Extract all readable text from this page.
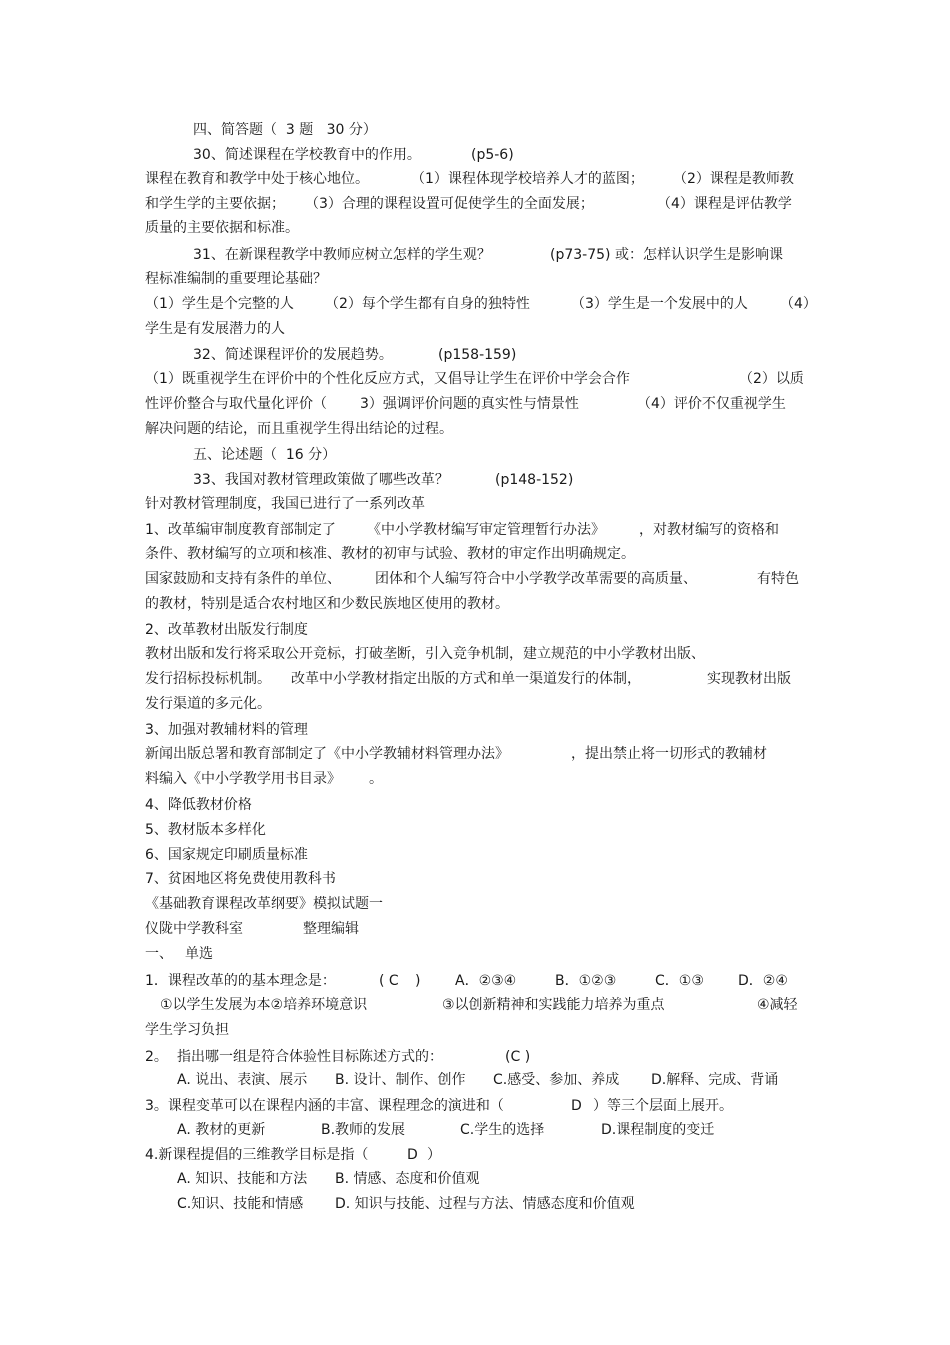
四、简答题（  3 题   30 分）

30、简述课程在学校教育中的作用。

	(p5-6)

课程在教育和教学中处于核心地位。

	（1）课程体现学校培养人才的蓝图；

（2）课程是教师教

和学生学的主要依据；

（3）合理的课程设置可促使学生的全面发展；

	（4）课程是评估教学

质量的主要依据和标准。

31、在新课程教学中教师应树立怎样的学生观？

	(p73-75) 或：怎样认识学生是影响课

程标准编制的重要理论基础？

（1）学生是个完整的人

（2）每个学生都有自身的独特性

	（3）学生是一个发展中的人

（4）

学生是有发展潜力的人

32、简述课程评价的发展趋势。

	(p158-159)

（1）既重视学生在评价中的个性化反应方式，又倡导让学生在评价中学会合作

	（2）以质

性评价整合与取代量化评价（

3）强调评价问题的真实性与情景性

	（4）评价不仅重视学生

解决问题的结论，而且重视学生得出结论的过程。
五、论述题（  16 分）

33、我国对教材管理政策做了哪些改革？

	(p148-152)

针对教材管理制度，我国已进行了一系列改革

1、改革编审制度教育部制定了

《中小学教材编写审定管理暂行办法》

，对教材编写的资格和

条件、教材编写的立项和核准、教材的初审与试验、教材的审定作出明确规定。

国家鼓励和支持有条件的单位、

团体和个人编写符合中小学教学改革需要的高质量、

	有特色

的教材，特别是适合农村地区和少数民族地区使用的教材。
2、改革教材出版发行制度
教材出版和发行将采取公开竞标，打破垄断，引入竞争机制，建立规范的中小学教材出版、

发行招标投标机制。

改革中小学教材指定出版的方式和单一渠道发行的体制，

	实现教材出版

发行渠道的多元化。
3、加强对教辅材料的管理

新闻出版总署和教育部制定了《中小学教辅材料管理办法》

	，提出禁止将一切形式的教辅材

料编入《中小学教学用书目录》

。

4、降低教材价格
5、教材版本多样化
6、国家规定印刷质量标准
7、贫困地区将免费使用教科书
《基础教育课程改革纲要》模拟试题一

仪陇中学教科室

	整理编辑

一、

单选

1．课程改革的的基本理念是：

	( C

)

A．②③④

	B．①②③

	C．①③

D．②④

①以学生发展为本②培养环境意识

	③以创新精神和实践能力培养为重点

	④减轻

学生学习负担

2。

指出哪一组是符合体验性目标陈述方式的：

	(C )

A. 说出、表演、展示

B. 设计、制作、创作

C.感受、参加、养成

D.解释、完成、背诵

3。课程变革可以在课程内涵的丰富、课程理念的演进和（

	D

）等三个层面上展开。

A. 教材的更新

	B.教师的发展

	C.学生的选择

	D.课程制度的变迁

4.新课程提倡的三维教学目标是指（

	D

）

A. 知识、技能和方法

B. 情感、态度和价值观

C.知识、技能和情感

D. 知识与技能、过程与方法、情感态度和价值观
